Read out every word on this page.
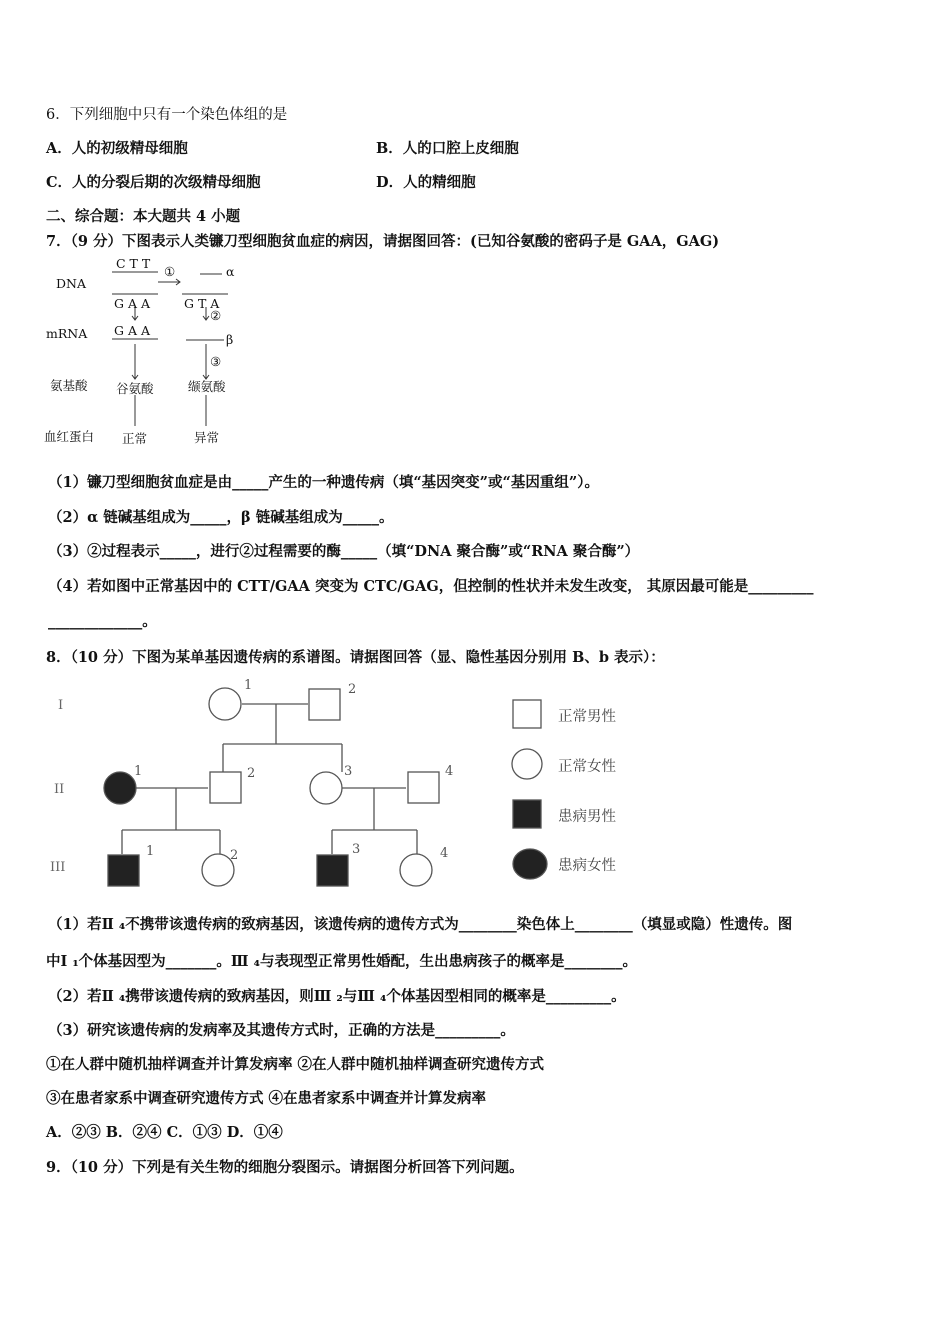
6．下列细胞中只有一个染色体组的是
A．人的初级精母细胞	B．人的口腔上皮细胞
C．人的分裂后期的次级精母细胞	D．人的精细胞
二、综合题：本大题共 4 小题
7．（9 分）下图表示人类镰刀型细胞贫血症的病因，请据图回答：(已知谷氨酸的密码子是 GAA，GAG)
DNA
mRNA
氨基酸
血红蛋白
C T T
G A A	G T A
G A A
①
②
③
α
β
谷氨酸	缬氨酸
正常	异常
（1）镰刀型细胞贫血症是由_____产生的一种遗传病（填“基因突变”或“基因重组”）。
（2）α 链碱基组成为_____，β 链碱基组成为_____。
（3）②过程表示_____，进行②过程需要的酶_____（填“DNA 聚合酶”或“RNA 聚合酶”）
（4）若如图中正常基因中的 CTT/GAA 突变为 CTC/GAG，但控制的性状并未发生改变， 其原因最可能是_________
_____________。
8．（10 分）下图为某单基因遗传病的系谱图。请据图回答（显、隐性基因分别用 B、b 表示）：
I
II
III
1	2
1	2	3	4
1	2	3	4
正常男性
正常女性
患病男性
患病女性
（1）若Ⅱ ₄不携带该遗传病的致病基因，该遗传病的遗传方式为________染色体上________（填显或隐）性遗传。图
中Ⅰ ₁个体基因型为_______。Ⅲ ₄与表现型正常男性婚配，生出患病孩子的概率是________。
（2）若Ⅱ ₄携带该遗传病的致病基因，则Ⅲ ₂与Ⅲ ₄个体基因型相同的概率是_________。
（3）研究该遗传病的发病率及其遗传方式时，正确的方法是_________。
①在人群中随机抽样调查并计算发病率 ②在人群中随机抽样调查研究遗传方式
③在患者家系中调查研究遗传方式 ④在患者家系中调查并计算发病率
A．②③ B．②④ C．①③ D．①④
9．（10 分）下列是有关生物的细胞分裂图示。请据图分析回答下列问题。
